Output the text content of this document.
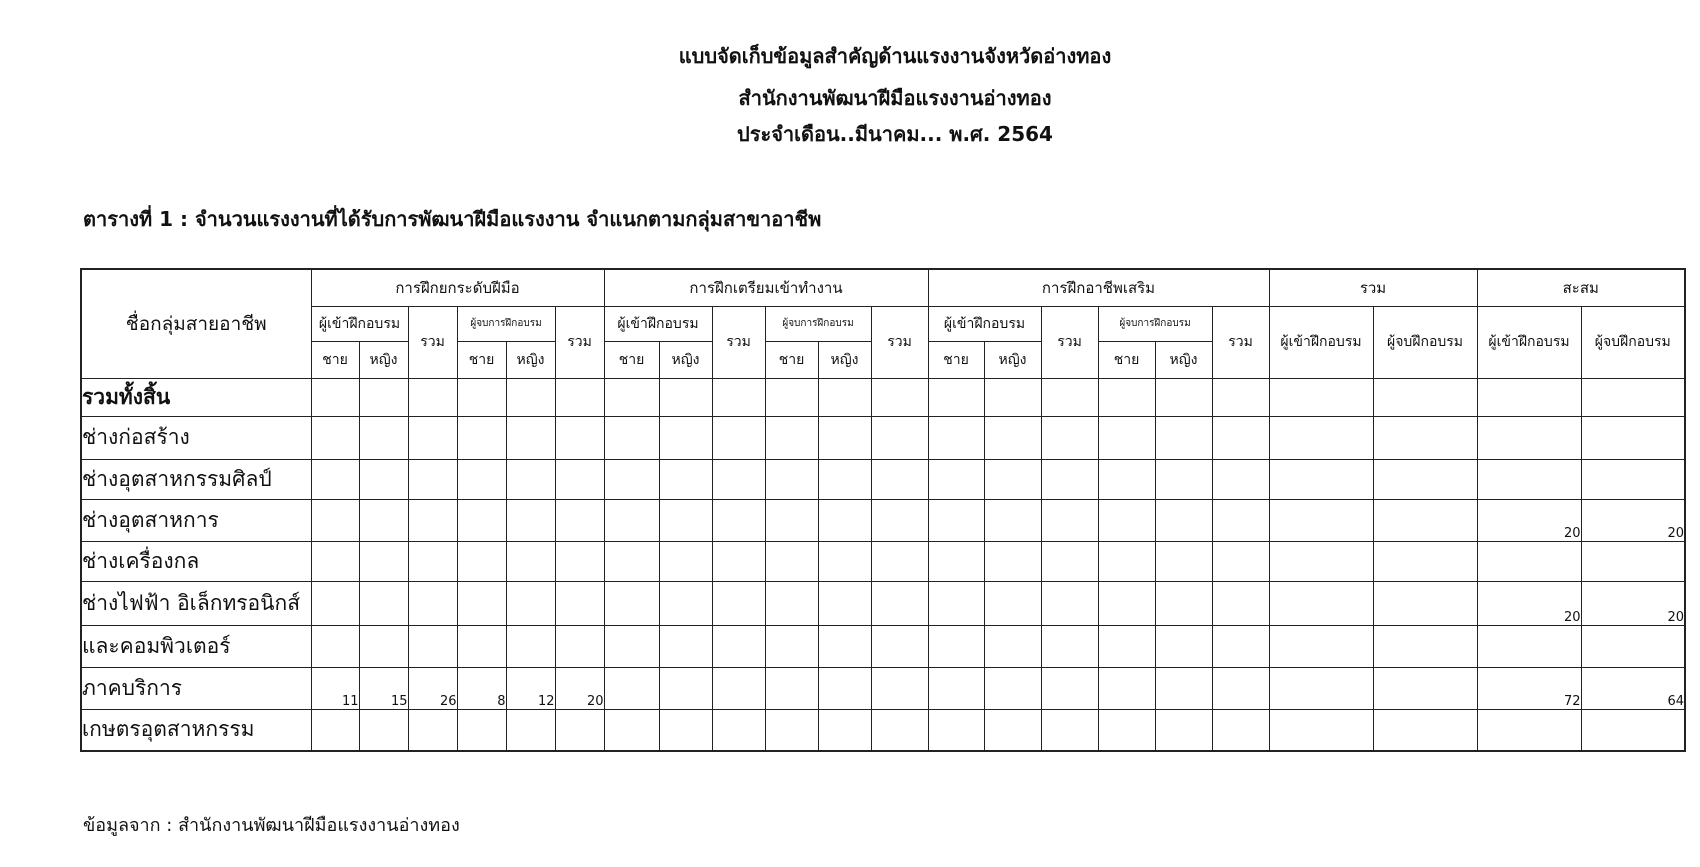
แบบจัดเก็บข้อมูลสำคัญด้านแรงงานจังหวัดอ่างทอง
สำนักงานพัฒนาฝีมือแรงงานอ่างทอง
ประจำเดือน..มีนาคม... พ.ศ. 2564
ตารางที่ 1 : จำนวนแรงงานที่ได้รับการพัฒนาฝีมือแรงงาน จำแนกตามกลุ่มสาขาอาชีพ
ชื่อกลุ่มสายอาชีพ	การฝึกยกระดับฝีมือ						การฝึกเตรียมเข้าทำงาน						การฝึกอาชีพเสริม						รวม		สะสม	
	ผู้เข้าฝึกอบรม		รวม	ผู้จบการฝึกอบรม		รวม	ผู้เข้าฝึกอบรม		รวม	ผู้จบการฝึกอบรม		รวม	ผู้เข้าฝึกอบรม		รวม	ผู้จบการฝึกอบรม		รวม	ผู้เข้าฝึกอบรม	ผู้จบฝึกอบรม	ผู้เข้าฝึกอบรม	ผู้จบฝึกอบรม
	ชาย	หญิง		ชาย	หญิง		ชาย	หญิง		ชาย	หญิง		ชาย	หญิง		ชาย	หญิง					
รวมทั้งสิ้น																						
ช่างก่อสร้าง																						
ช่างอุตสาหกรรมศิลป์																						
ช่างอุตสาหการ																					20	20
ช่างเครื่องกล																						
ช่างไฟฟ้า อิเล็กทรอนิกส์																					20	20
และคอมพิวเตอร์																						
ภาคบริการ	11	15	26	8	12	20															72	64
เกษตรอุตสาหกรรม																						
ข้อมูลจาก : สำนักงานพัฒนาฝีมือแรงงานอ่างทอง
